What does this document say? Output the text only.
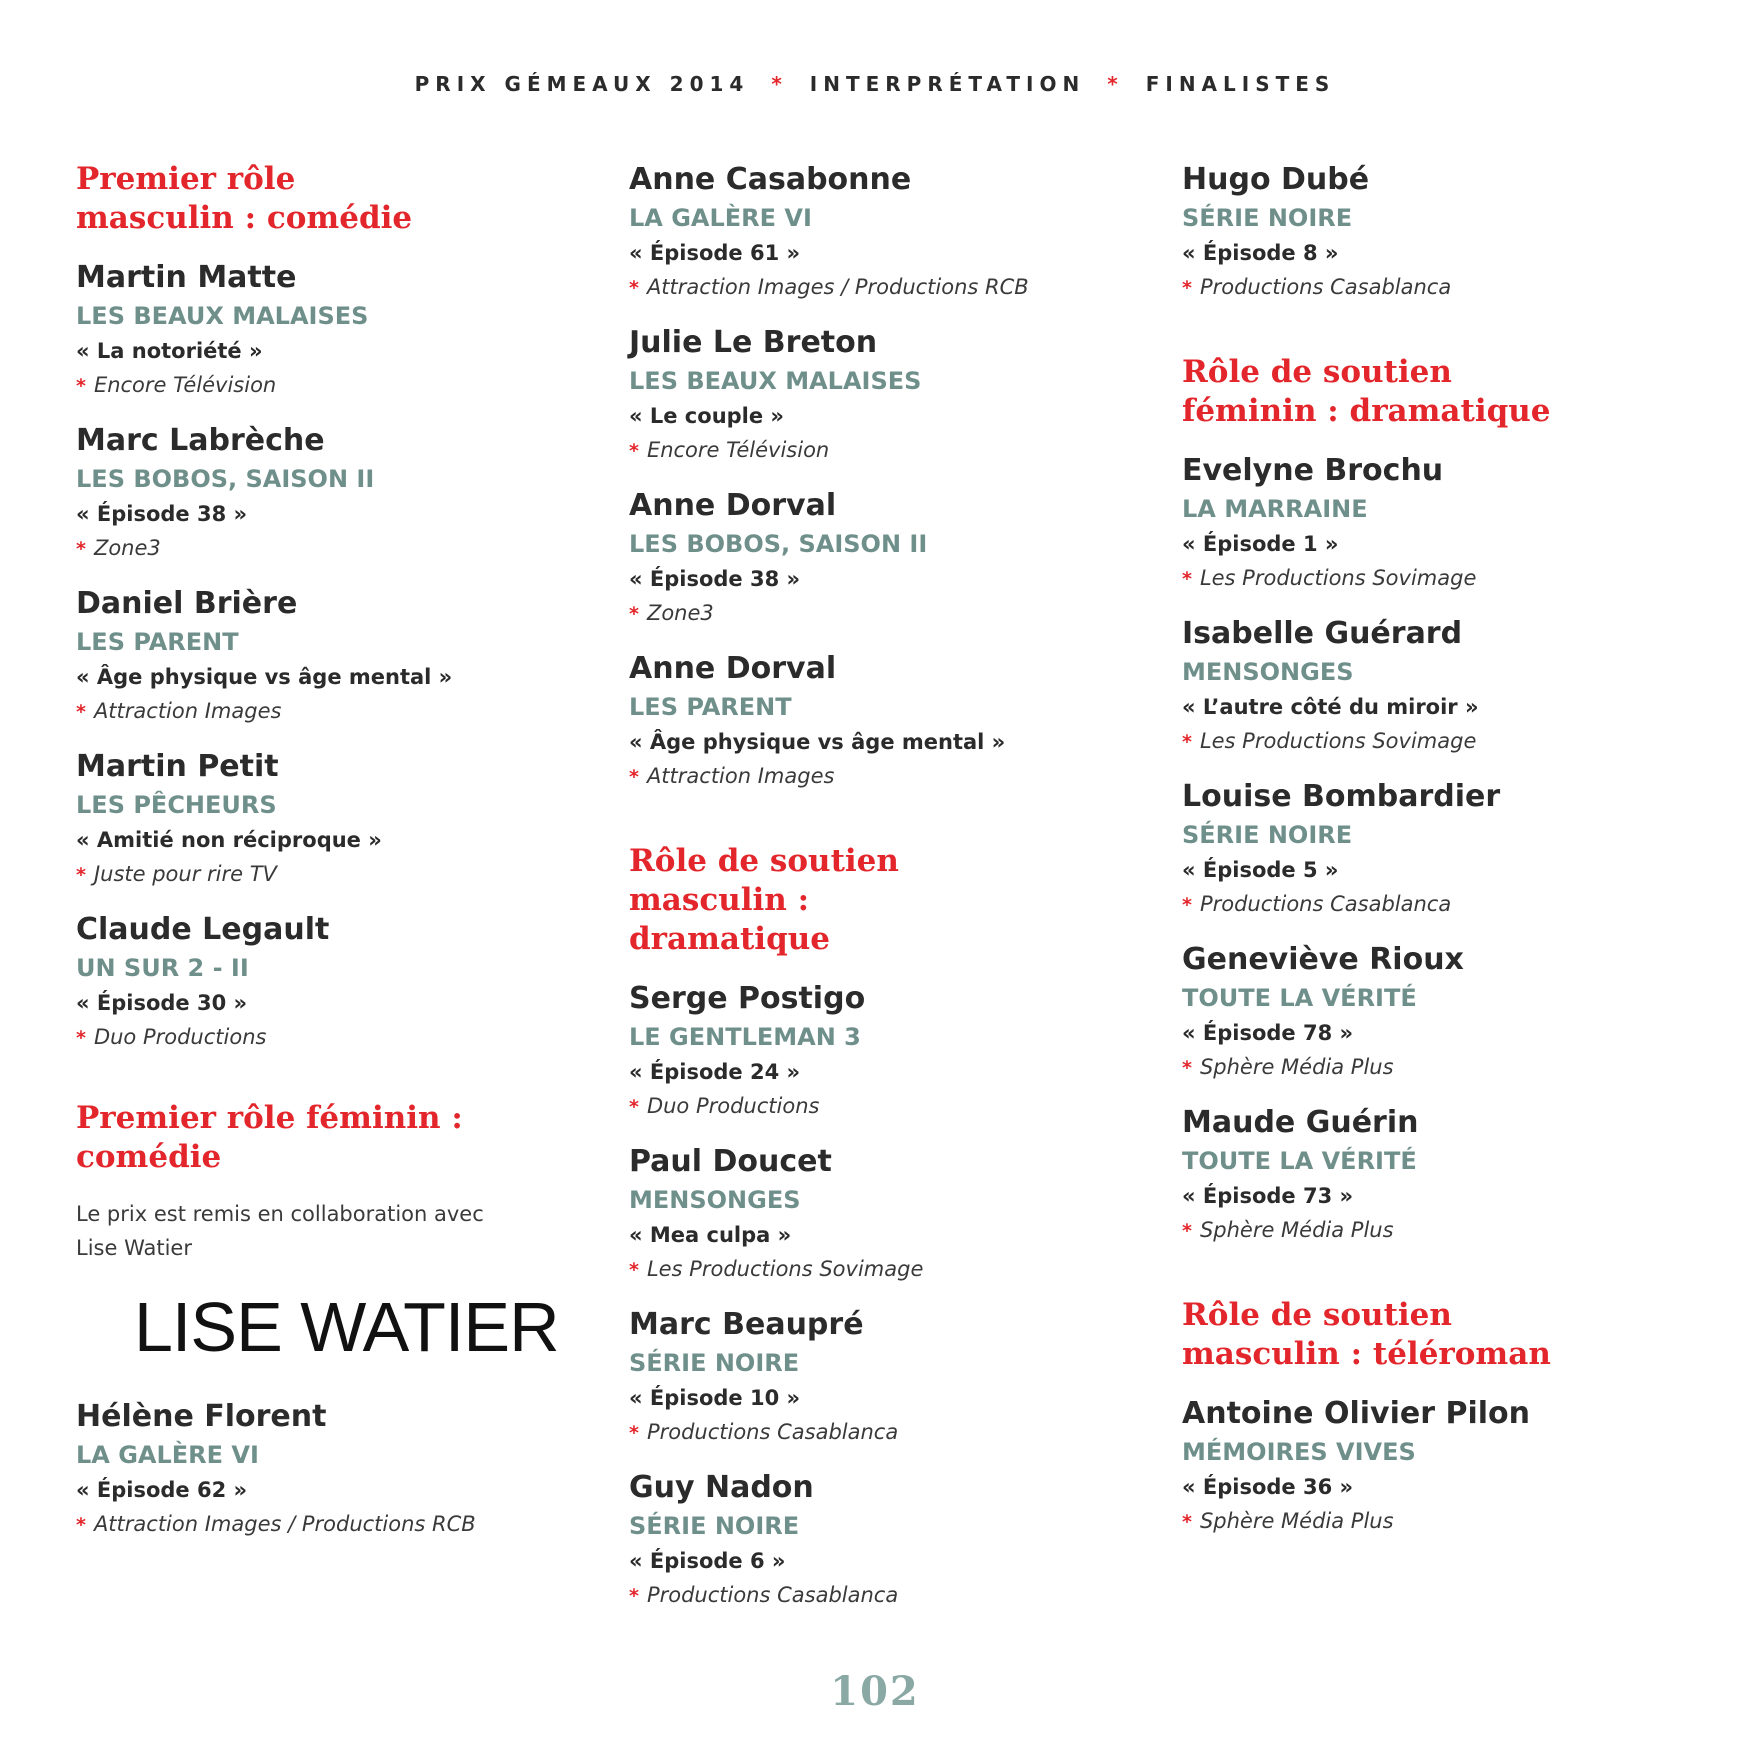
PRIX GÉMEAUX 2014 * INTERPRÉTATION * FINALISTES
Premier rôle
masculin : comédie
Martin Matte
LES BEAUX MALAISES
« La notoriété »
* Encore Télévision
Marc Labrèche
LES BOBOS, SAISON II
« Épisode 38 »
* Zone3
Daniel Brière
LES PARENT
« Âge physique vs âge mental »
* Attraction Images
Martin Petit
LES PÊCHEURS
« Amitié non réciproque »
* Juste pour rire TV
Claude Legault
UN SUR 2 - II
« Épisode 30 »
* Duo Productions
Premier rôle féminin :
comédie
Le prix est remis en collaboration avec
Lise Watier
LISE WATIER
Hélène Florent
LA GALÈRE VI
« Épisode 62 »
* Attraction Images / Productions RCB
Anne Casabonne
LA GALÈRE VI
« Épisode 61 »
* Attraction Images / Productions RCB
Julie Le Breton
LES BEAUX MALAISES
« Le couple »
* Encore Télévision
Anne Dorval
LES BOBOS, SAISON II
« Épisode 38 »
* Zone3
Anne Dorval
LES PARENT
« Âge physique vs âge mental »
* Attraction Images
Rôle de soutien
masculin :
dramatique
Serge Postigo
LE GENTLEMAN 3
« Épisode 24 »
* Duo Productions
Paul Doucet
MENSONGES
« Mea culpa »
* Les Productions Sovimage
Marc Beaupré
SÉRIE NOIRE
« Épisode 10 »
* Productions Casablanca
Guy Nadon
SÉRIE NOIRE
« Épisode 6 »
* Productions Casablanca
Hugo Dubé
SÉRIE NOIRE
« Épisode 8 »
* Productions Casablanca
Rôle de soutien
féminin : dramatique
Evelyne Brochu
LA MARRAINE
« Épisode 1 »
* Les Productions Sovimage
Isabelle Guérard
MENSONGES
« L’autre côté du miroir »
* Les Productions Sovimage
Louise Bombardier
SÉRIE NOIRE
« Épisode 5 »
* Productions Casablanca
Geneviève Rioux
TOUTE LA VÉRITÉ
« Épisode 78 »
* Sphère Média Plus
Maude Guérin
TOUTE LA VÉRITÉ
« Épisode 73 »
* Sphère Média Plus
Rôle de soutien
masculin : téléroman
Antoine Olivier Pilon
MÉMOIRES VIVES
« Épisode 36 »
* Sphère Média Plus
102
